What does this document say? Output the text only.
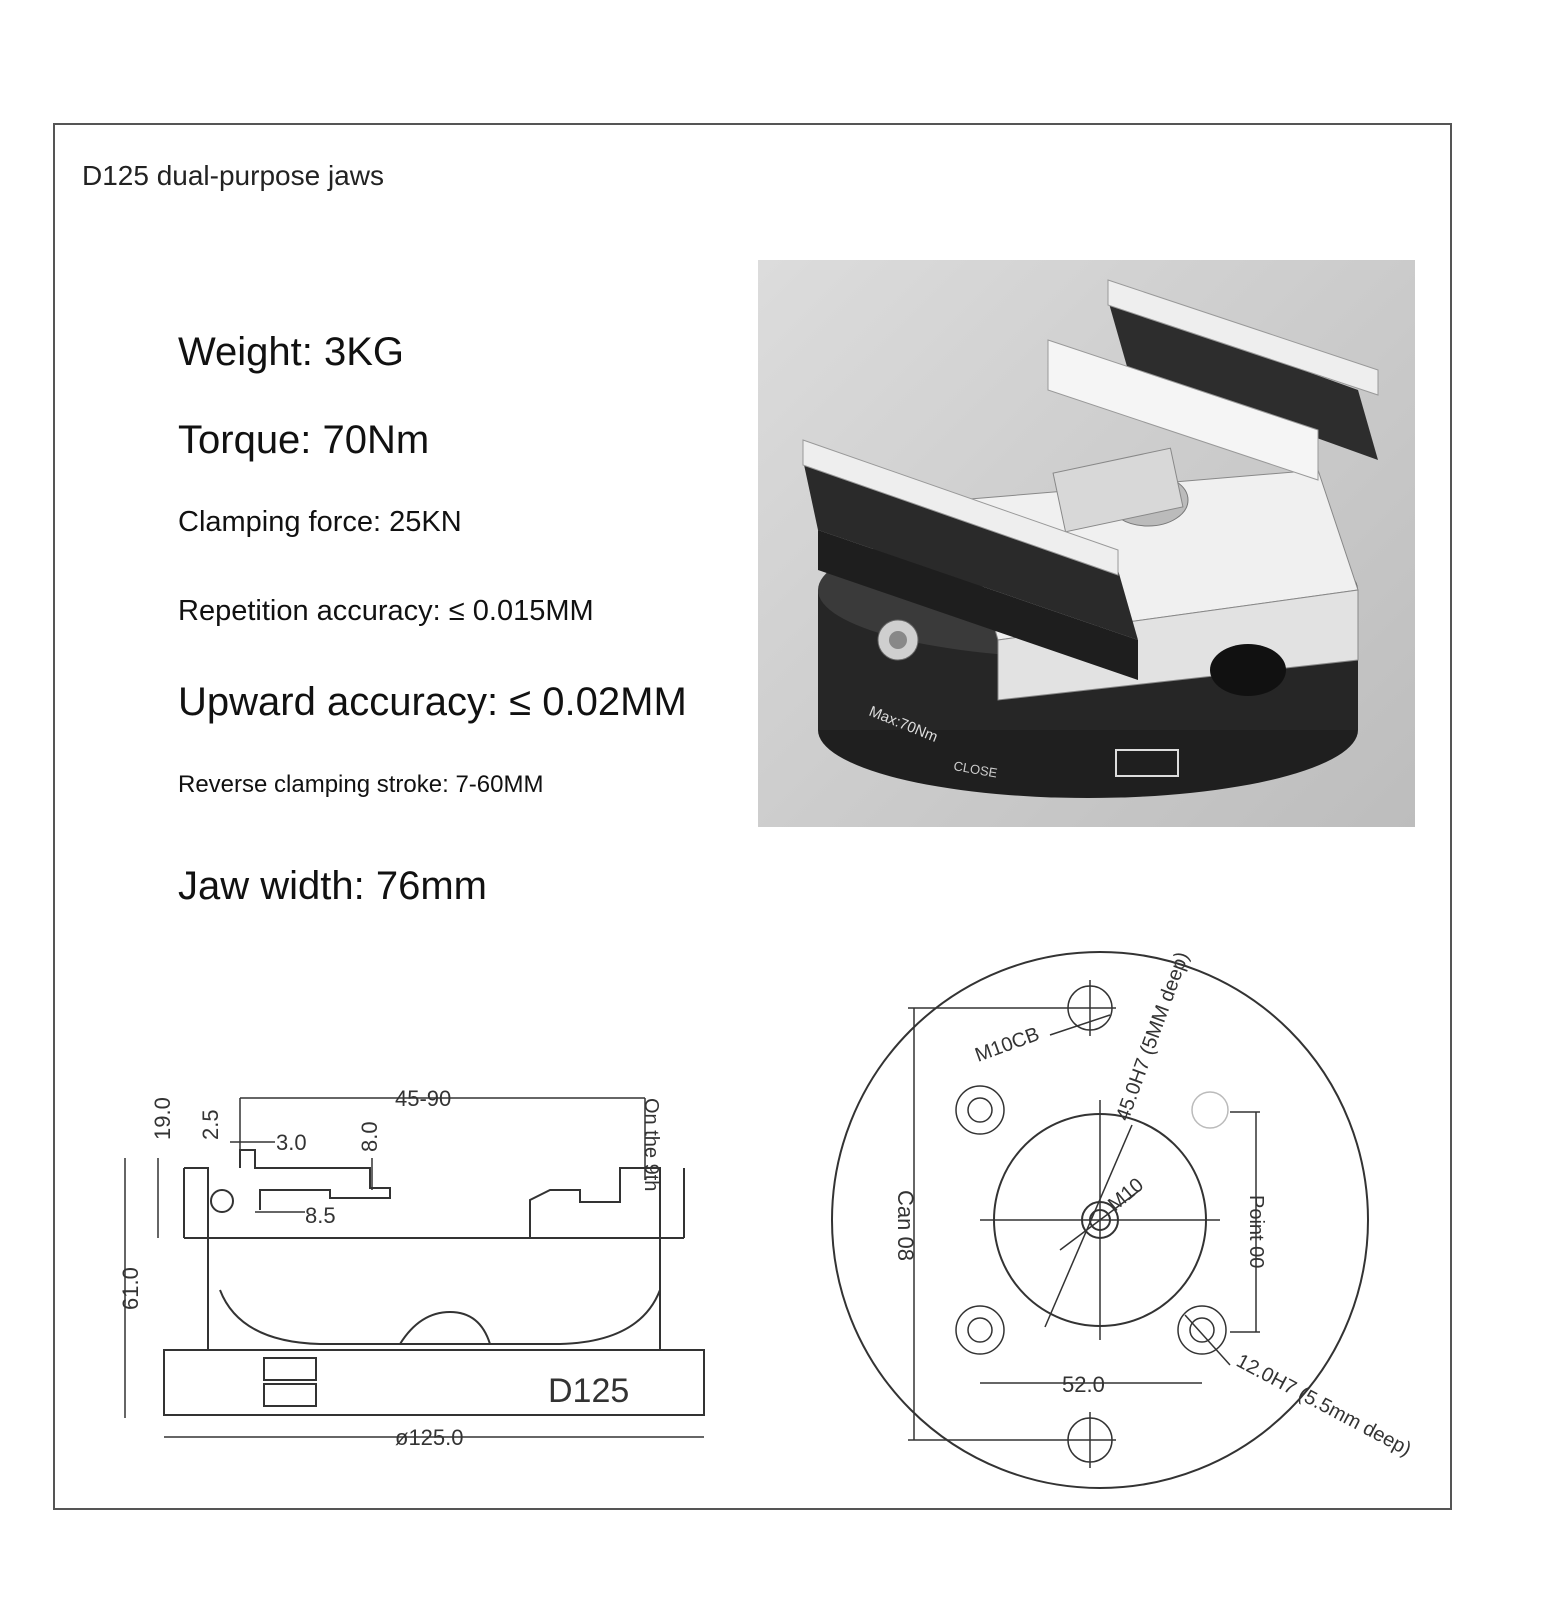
D125 dual-purpose jaws
Weight: 3KG
Torque: 70Nm
Clamping force: 25KN
Repetition accuracy: ≤ 0.015MM
Upward accuracy: ≤ 0.02MM
Reverse clamping stroke: 7-60MM
Jaw width: 76mm
Max:70Nm
CLOSE
45-90
19.0 2.5
3.0 8.0
8.5
61.0
ø125.0
On the 9th
D125
M10CB	45.0H7 (5MM deep)
M10
Can 08	Point 00
52.0	12.0H7 (5.5mm deep)
